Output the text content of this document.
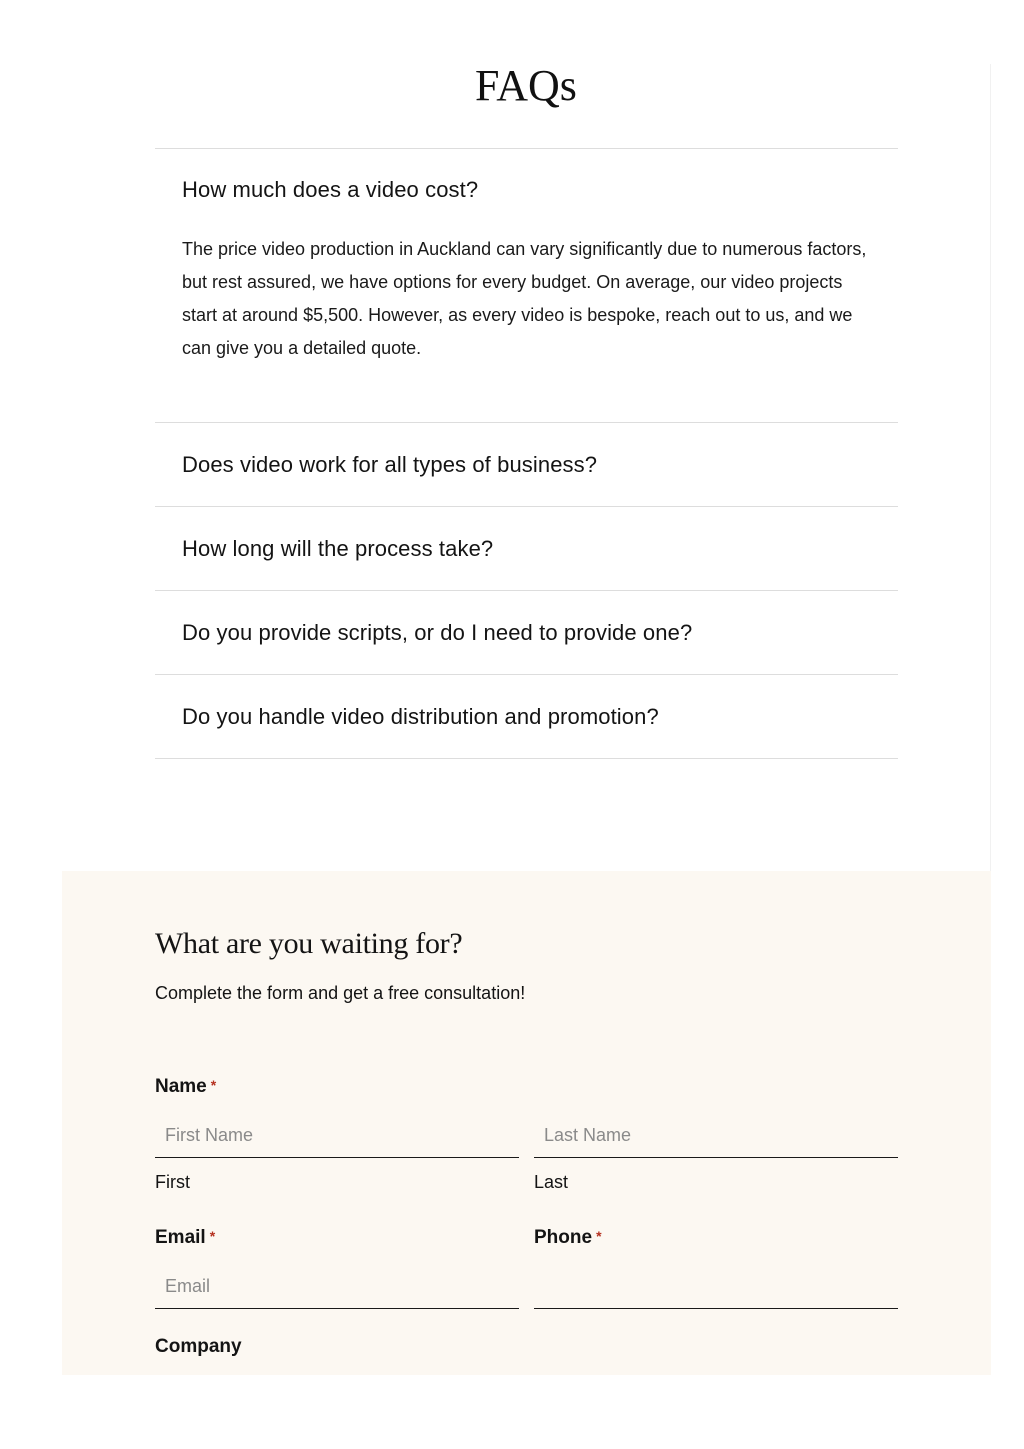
FAQs
How much does a video cost?
The price video production in Auckland can vary significantly due to numerous factors, but rest assured, we have options for every budget. On average, our video projects start at around $5,500. However, as every video is bespoke, reach out to us, and we can give you a detailed quote.
Does video work for all types of business?
How long will the process take?
Do you provide scripts, or do I need to provide one?
Do you handle video distribution and promotion?
What are you waiting for?
Complete the form and get a free consultation!
Name *
First Name
Last Name
First	Last
Email *
Email	Phone *
Company
